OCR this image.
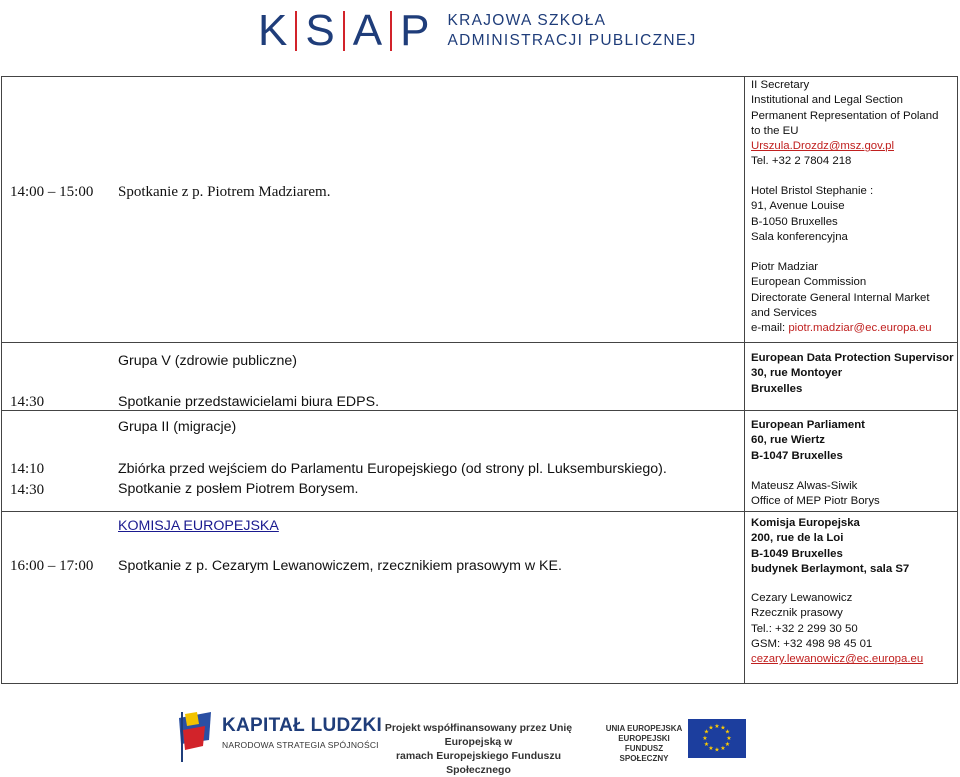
K S A P KRAJOWA SZKOŁA
ADMINISTRACJI PUBLICZNEJ
II Secretary
Institutional and Legal Section
Permanent Representation of Poland
to the EU
Urszula.Drozdz@msz.gov.pl
Tel. +32 2 7804 218
14:00 – 15:00 Spotkanie z p. Piotrem Madziarem.	Hotel Bristol Stephanie :
91, Avenue Louise
B-1050 Bruxelles
Sala konferencyjna
Piotr Madziar
European Commission
Directorate General Internal Market
and Services
e-mail: piotr.madziar@ec.europa.eu
14:30
Grupa V (zdrowie publiczne)
Spotkanie przedstawicielami biura EDPS.
European Data Protection Supervisor
30, rue Montoyer
Bruxelles
14:10
14:30
Grupa II (migracje)
Zbiórka przed wejściem do Parlamentu Europejskiego (od strony pl. Luksemburskiego).
Spotkanie z posłem Piotrem Borysem.
European Parliament
60, rue Wiertz
B-1047 Bruxelles
Mateusz Alwas-Siwik
Office of MEP Piotr Borys
16:00 – 17:00
KOMISJA EUROPEJSKA
Spotkanie z p. Cezarym Lewanowiczem, rzecznikiem prasowym w KE.
Komisja Europejska
200, rue de la Loi
B-1049 Bruxelles
budynek Berlaymont, sala S7
Cezary Lewanowicz
Rzecznik prasowy
Tel.: +32 2 299 30 50
GSM: +32 498 98 45 01
cezary.lewanowicz@ec.europa.eu
KAPITAŁ LUDZKI
NARODOWA STRATEGIA SPÓJNOŚCI
Projekt współfinansowany przez Unię Europejską w
ramach Europejskiego Funduszu Społecznego
UNIA EUROPEJSKA
EUROPEJSKI
FUNDUSZ SPOŁECZNY
★ ★
★
★
★
★
★
★
★
★
★
★
